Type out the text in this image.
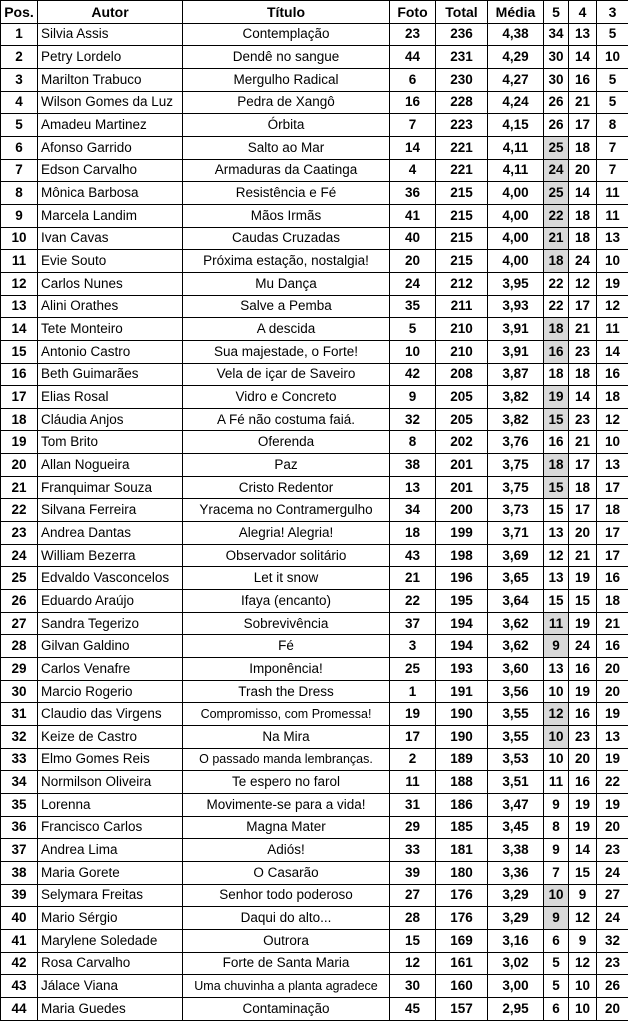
Pos.	Autor	Título	Foto	Total	Média	5	4	3
1	Silvia Assis	Contemplação	23	236	4,38	34	13	5
2	Petry Lordelo	Dendê no sangue	44	231	4,29	30	14	10
3	Marilton Trabuco	Mergulho Radical	6	230	4,27	30	16	5
4	Wilson Gomes da Luz	Pedra de Xangô	16	228	4,24	26	21	5
5	Amadeu Martinez	Órbita	7	223	4,15	26	17	8
6	Afonso Garrido	Salto ao Mar	14	221	4,11	25	18	7
7	Edson Carvalho	Armaduras da Caatinga	4	221	4,11	24	20	7
8	Mônica Barbosa	Resistência e Fé	36	215	4,00	25	14	11
9	Marcela Landim	Mãos Irmãs	41	215	4,00	22	18	11
10	Ivan Cavas	Caudas Cruzadas	40	215	4,00	21	18	13
11	Evie Souto	Próxima estação, nostalgia!	20	215	4,00	18	24	10
12	Carlos Nunes	Mu Dança	24	212	3,95	22	12	19
13	Alini Orathes	Salve a Pemba	35	211	3,93	22	17	12
14	Tete Monteiro	A descida	5	210	3,91	18	21	11
15	Antonio Castro	Sua majestade, o Forte!	10	210	3,91	16	23	14
16	Beth Guimarães	Vela de içar de Saveiro	42	208	3,87	18	18	16
17	Elias Rosal	Vidro e Concreto	9	205	3,82	19	14	18
18	Cláudia Anjos	A Fé não costuma faiá.	32	205	3,82	15	23	12
19	Tom Brito	Oferenda	8	202	3,76	16	21	10
20	Allan Nogueira	Paz	38	201	3,75	18	17	13
21	Franquimar Souza	Cristo Redentor	13	201	3,75	15	18	17
22	Silvana Ferreira	Yracema no Contramergulho	34	200	3,73	15	17	18
23	Andrea Dantas	Alegria! Alegria!	18	199	3,71	13	20	17
24	William Bezerra	Observador solitário	43	198	3,69	12	21	17
25	Edvaldo Vasconcelos	Let it snow	21	196	3,65	13	19	16
26	Eduardo Araújo	Ifaya (encanto)	22	195	3,64	15	15	18
27	Sandra Tegerizo	Sobrevivência	37	194	3,62	11	19	21
28	Gilvan Galdino	Fé	3	194	3,62	9	24	16
29	Carlos Venafre	Imponência!	25	193	3,60	13	16	20
30	Marcio Rogerio	Trash the Dress	1	191	3,56	10	19	20
31	Claudio das Virgens	Compromisso, com Promessa!	19	190	3,55	12	16	19
32	Keize de Castro	Na Mira	17	190	3,55	10	23	13
33	Elmo Gomes Reis	O passado manda lembranças.	2	189	3,53	10	20	19
34	Normilson Oliveira	Te espero no farol	11	188	3,51	11	16	22
35	Lorenna	Movimente-se para a vida!	31	186	3,47	9	19	19
36	Francisco Carlos	Magna Mater	29	185	3,45	8	19	20
37	Andrea Lima	Adiós!	33	181	3,38	9	14	23
38	Maria Gorete	O Casarão	39	180	3,36	7	15	24
39	Selymara Freitas	Senhor todo poderoso	27	176	3,29	10	9	27
40	Mario Sérgio	Daqui do alto...	28	176	3,29	9	12	24
41	Marylene Soledade	Outrora	15	169	3,16	6	9	32
42	Rosa Carvalho	Forte de Santa Maria	12	161	3,02	5	12	23
43	Jálace Viana	Uma chuvinha a planta agradece	30	160	3,00	5	10	26
44	Maria Guedes	Contaminação	45	157	2,95	6	10	20
